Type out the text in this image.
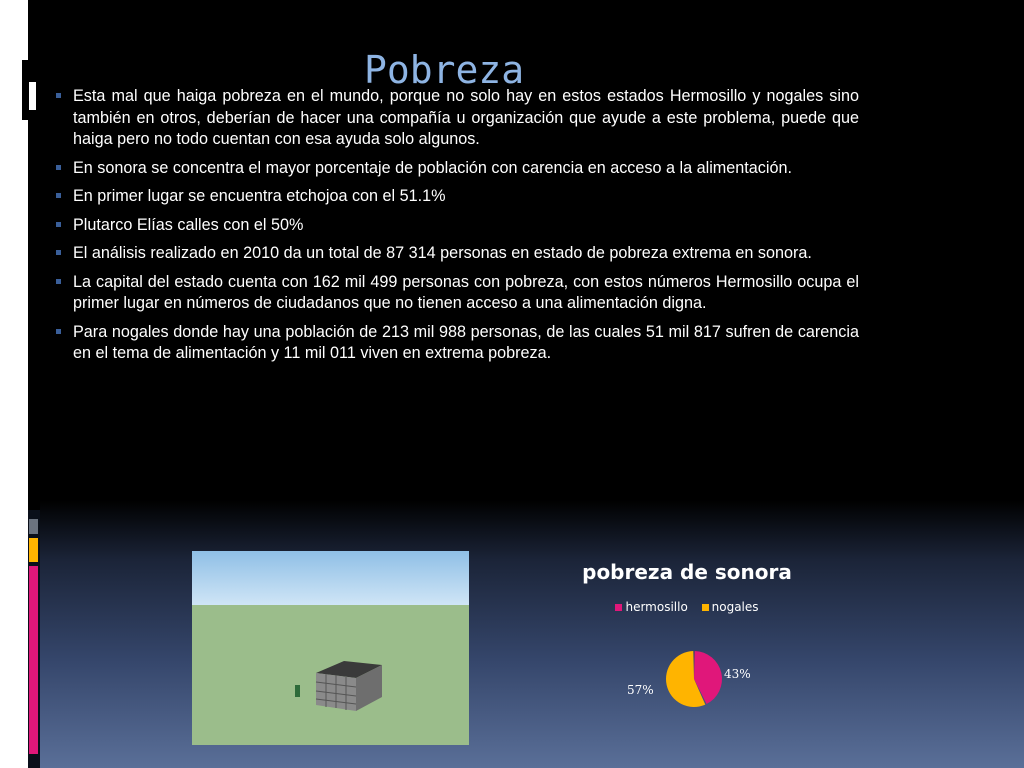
Pobreza
Esta mal que haiga pobreza en el mundo, porque no solo hay en estos estados Hermosillo y nogales sino también en otros, deberían de hacer una compañía u organización que ayude a este problema, puede que haiga pero no todo cuentan con esa ayuda solo algunos.
En sonora se concentra el mayor porcentaje de población con carencia en acceso a la alimentación.
En primer lugar se encuentra etchojoa con el 51.1%
Plutarco Elías calles con el 50%
El análisis realizado en 2010 da un total de 87 314 personas en estado de pobreza extrema en sonora.
La capital del estado cuenta con 162 mil 499 personas con pobreza, con estos números Hermosillo ocupa el primer lugar en números de ciudadanos que no tienen acceso a una alimentación digna.
Para nogales donde hay una población de 213 mil 988 personas, de las cuales 51 mil 817 sufren de carencia en el tema de alimentación y 11 mil 011 viven en extrema pobreza.
pobreza de sonora
hermosillo nogales
43%
57%
